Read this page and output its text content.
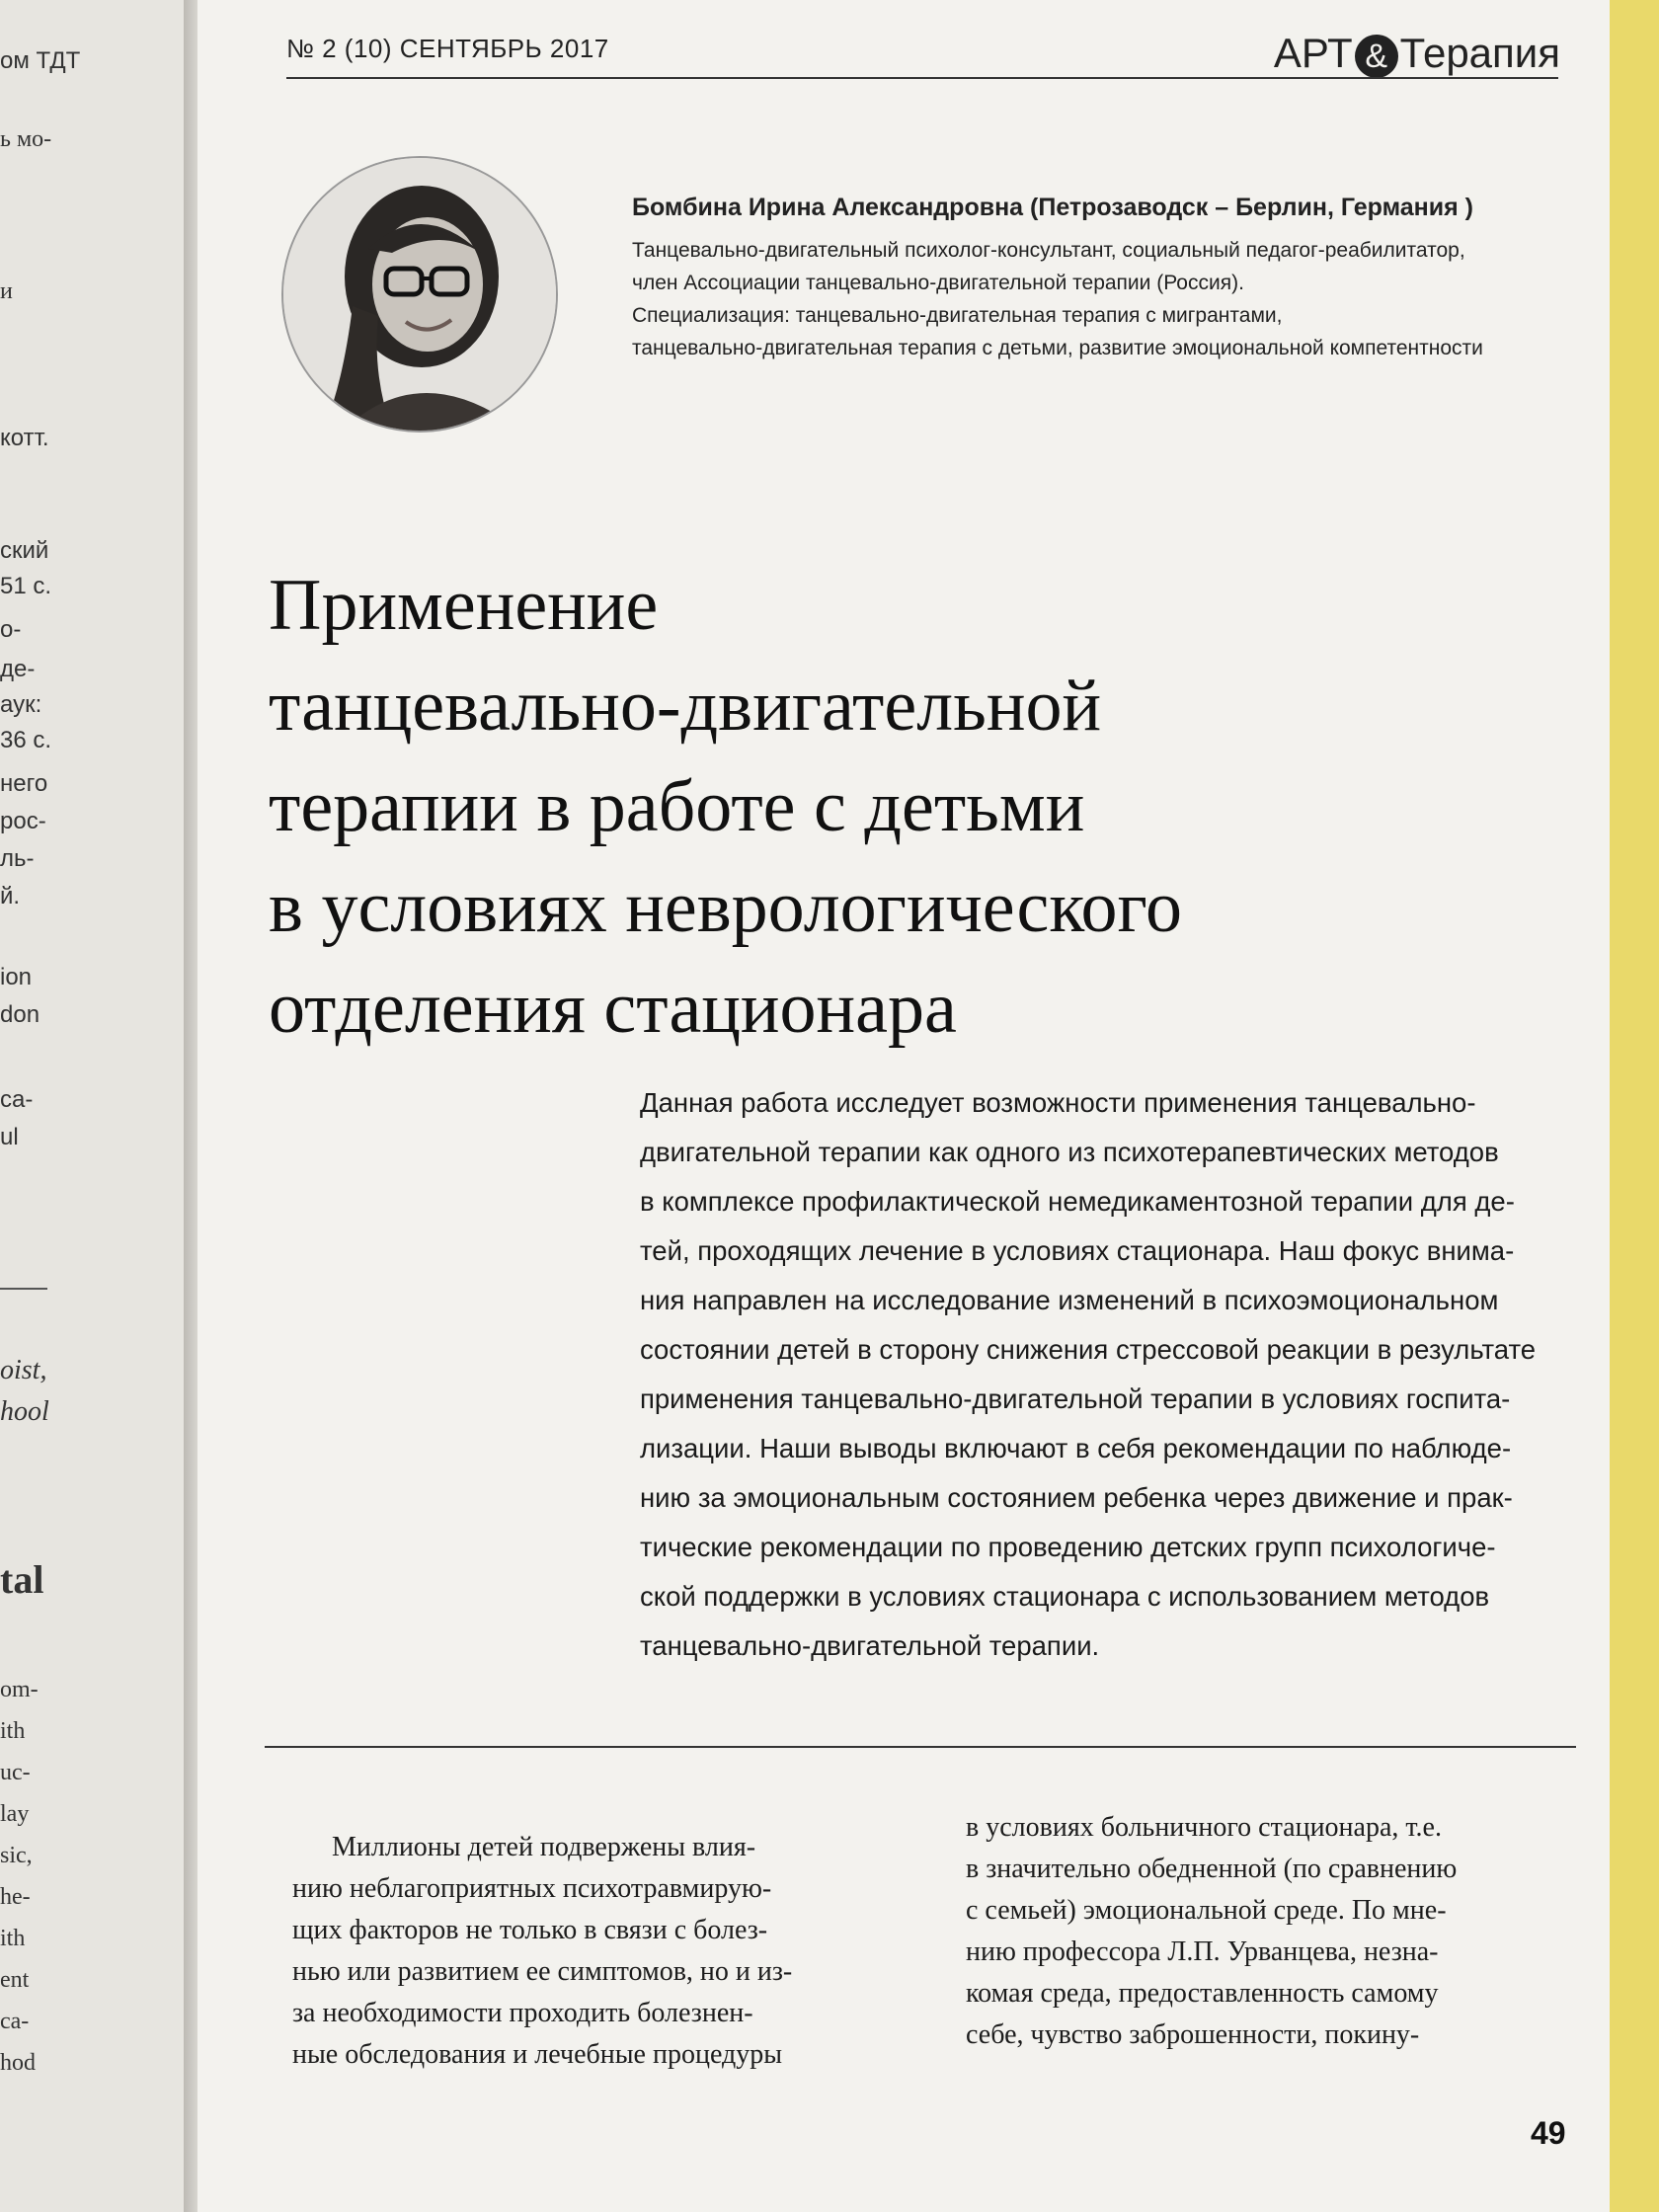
ом ТДТ
ь мо-
и
котт.
ский
51 с.
о-
де-
аук:
36 с.
него
рос-
ль-
й.
ion
don
ca-
ul
oist,
hool
tal
om-
ith
uc-
lay
sic,
he-
ith
ent
ca-
hod
№ 2 (10) СЕНТЯБРЬ 2017	АРТ & Терапия
Бомбина Ирина Александровна (Петрозаводск – Берлин, Германия )
Танцевально-двигательный психолог-консультант, социальный педагог-реабилитатор,
член Ассоциации танцевально-двигательной терапии (Россия).
Специализация: танцевально-двигательная терапия с мигрантами,
танцевально-двигательная терапия с детьми, развитие эмоциональной компетентности
Применение
танцевально-двигательной
терапии в работе с детьми
в условиях неврологического
отделения стационара
Данная работа исследует возможности применения танцевально-
двигательной терапии как одного из психотерапевтических методов
в комплексе профилактической немедикаментозной терапии для де-
тей, проходящих лечение в условиях стационара. Наш фокус внима-
ния направлен на исследование изменений в психоэмоциональном
состоянии детей в сторону снижения стрессовой реакции в результате
применения танцевально-двигательной терапии в условиях госпита-
лизации. Наши выводы включают в себя рекомендации по наблюде-
нию за эмоциональным состоянием ребенка через движение и прак-
тические рекомендации по проведению детских групп психологиче-
ской поддержки в условиях стационара с использованием методов
танцевально-двигательной терапии.
Миллионы детей подвержены влия-
нию неблагоприятных психотравмирую-
щих факторов не только в связи с болез-
нью или развитием ее симптомов, но и из-
за необходимости проходить болезнен-
ные обследования и лечебные процедуры
в условиях больничного стационара, т.е.
в значительно обедненной (по сравнению
с семьей) эмоциональной среде. По мне-
нию профессора Л.П. Урванцева, незна-
комая среда, предоставленность самому
себе, чувство заброшенности, покину-
49
